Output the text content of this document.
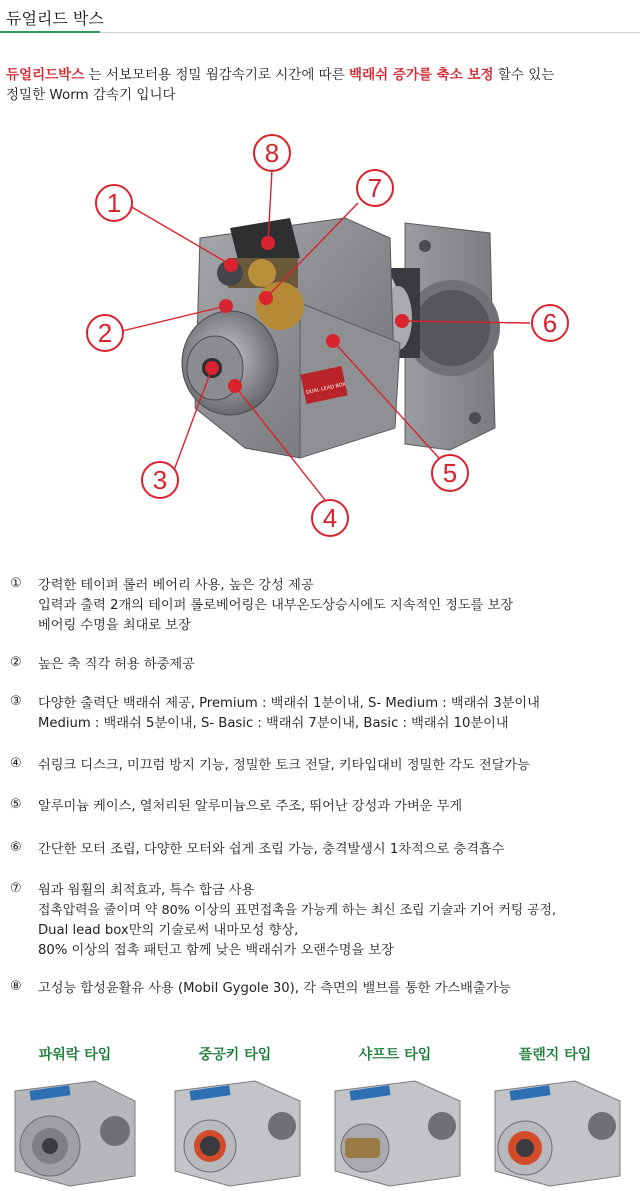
듀얼리드 박스
듀얼리드박스 는 서보모터용 정밀 웜감속기로 시간에 따른 백래쉬 증가를 축소 보정 할수 있는
정밀한 Worm 감속기 입니다
DUAL LEAD BOX
1
2
3
4
5
6
7
8
①	강력한 테이퍼 롤러 베어리 사용, 높은 강성 제공
입력과 출력 2개의 테이퍼 롤로베어링은 내부온도상승시에도 지속적인 정도를 보장
베어링 수명을 최대로 보장
②	높은 축 직각 허용 하중제공
③	다양한 출력단 백래쉬 제공, Premium : 백래쉬 1분이내, S- Medium : 백래쉬 3분이내
Medium : 백래쉬 5분이내, S- Basic : 백래쉬 7분이내, Basic : 백래쉬 10분이내
④	쉬링크 디스크, 미끄럼 방지 기능, 정밀한 토크 전달, 키타입대비 정밀한 각도 전달가능
⑤	알루미늄 케이스, 열처리된 알루미늄으로 주조, 뛰어난 강성과 가벼운 무게
⑥	간단한 모터 조립, 다양한 모터와 쉽게 조립 가능, 충격발생시 1차적으로 충격흡수
⑦	웜과 웜휠의 최적효과, 특수 합금 사용
접촉압력을 줄이며 약 80% 이상의 표면접촉을 가능케 하는 최신 조립 기술과 기어 커팅 공정,
Dual lead box만의 기술로써 내마모성 향상,
80% 이상의 접촉 패턴고 함께 낮은 백래쉬가 오랜수명을 보장
⑧	고성능 합성윤활유 사용 (Mobil Gygole 30), 각 측면의 밸브를 통한 가스배출가능
파워락 타입	중공키 타입	샤프트 타입	플랜지 타입
